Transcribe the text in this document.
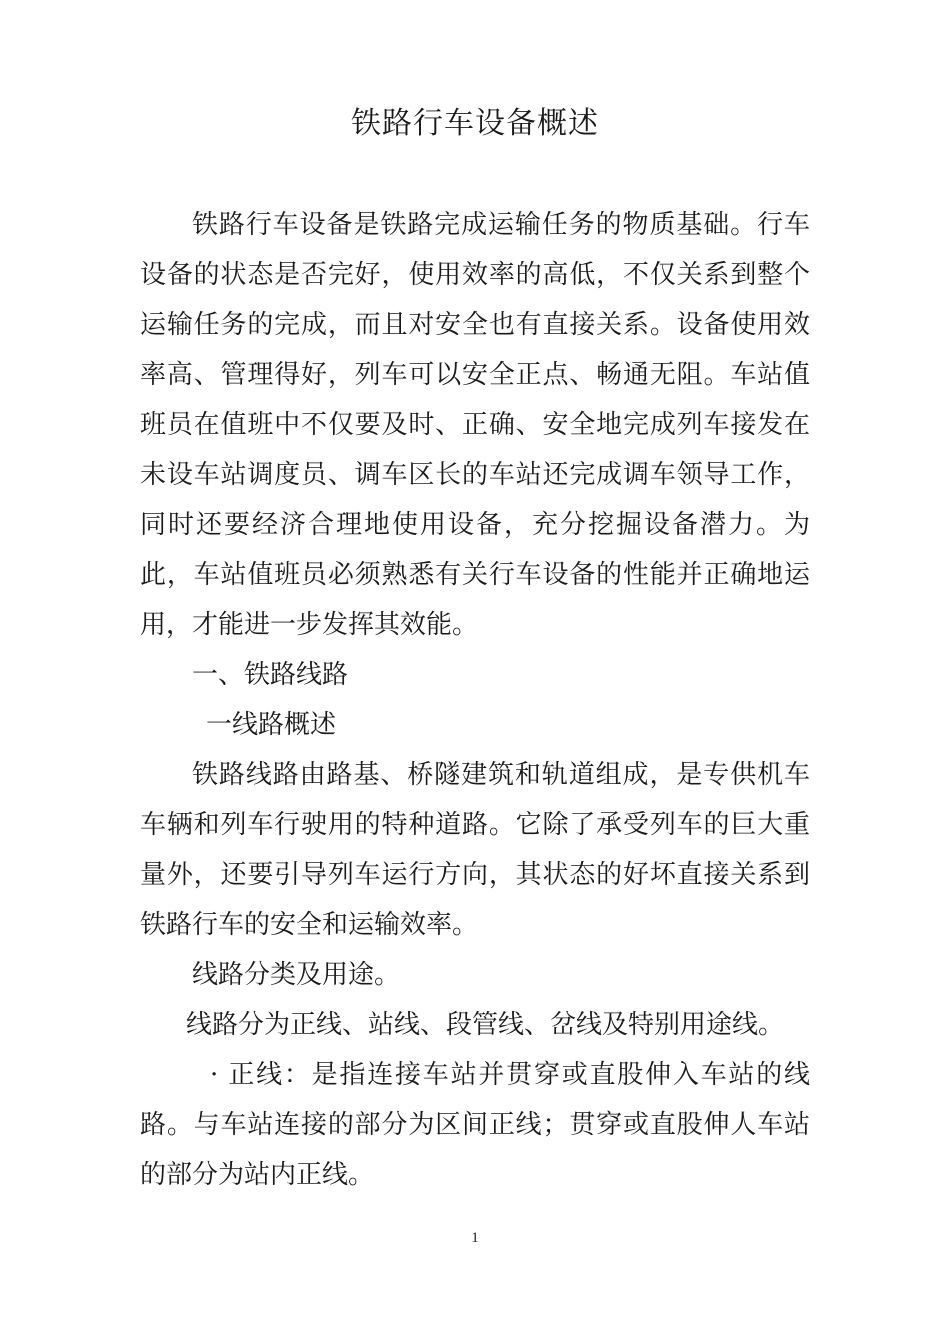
铁路行车设备概述

铁路行车设备是铁路完成运输任务的物质基础。行车设备的状态是否完好，使用效率的高低，不仅关系到整个运输任务的完成，而且对安全也有直接关系。设备使用效率高、管理得好，列车可以安全正点、畅通无阻。车站值班员在值班中不仅要及时、正确、安全地完成列车接发在未设车站调度员、调车区长的车站还完成调车领导工作，同时还要经济合理地使用设备，充分挖掘设备潜力。为此，车站值班员必须熟悉有关行车设备的性能并正确地运用，才能进一步发挥其效能。

一、铁路线路

一线路概述

铁路线路由路基、桥隧建筑和轨道组成，是专供机车车辆和列车行驶用的特种道路。它除了承受列车的巨大重量外，还要引导列车运行方向，其状态的好坏直接关系到铁路行车的安全和运输效率。

线路分类及用途。

线路分为正线、站线、段管线、岔线及特别用途线。

· 正线：是指连接车站并贯穿或直股伸入车站的线路。与车站连接的部分为区间正线；贯穿或直股伸人车站的部分为站内正线。

1
